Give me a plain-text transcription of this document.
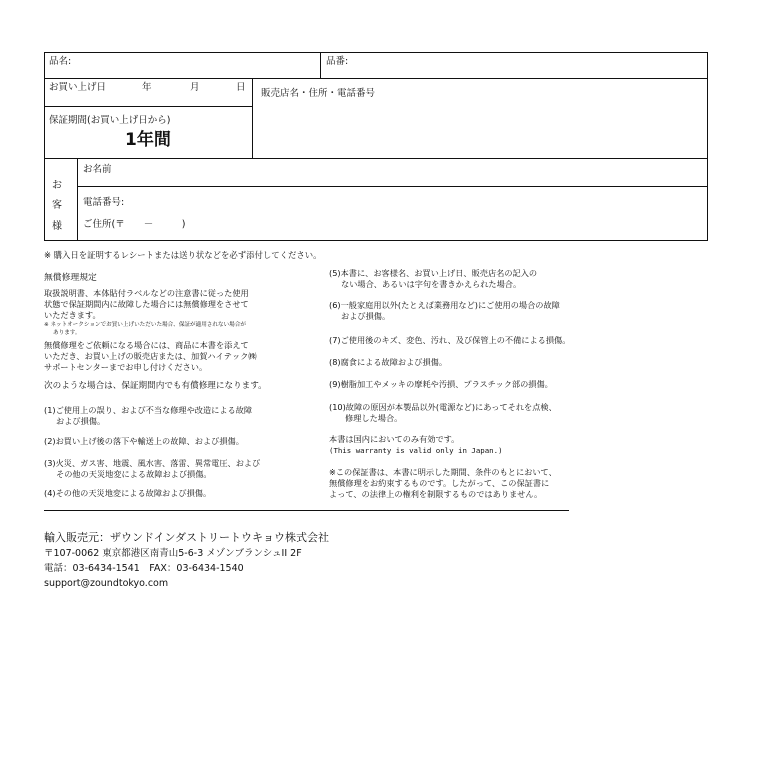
品名:	品番:
お買い上げ日	年	月	日
販売店名・住所・電話番号
保証期間(お買い上げ日から)
1年間
お
客
様
お名前
電話番号:
ご住所(〒　　－　　　)
※ 購入日を証明するレシートまたは送り状などを必ず添付してください。
無償修理規定

取扱説明書、本体貼付ラベルなどの注意書に従った使用

状態で保証期間内に故障した場合には無償修理をさせて

いただきます。

※ ネットオークションでお買い上げいただいた場合、保証が適用されない場合が

あります。

無償修理をご依頼になる場合には、商品に本書を添えて

いただき、お買い上げの販売店または、加賀ハイテック㈱

サポートセンターまでお申し付けください。

次のような場合は、保証期間内でも有償修理になります。

(1)ご使用上の誤り、および不当な修理や改造による故障

および損傷。

(2)お買い上げ後の落下や輸送上の故障、および損傷。

(3)火災、ガス害、地震、風水害、落雷、異常電圧、および

その他の天災地変による故障および損傷。

(4)その他の天災地変による故障および損傷。

(5)本書に、お客様名、お買い上げ日、販売店名の記入の

ない場合、あるいは字句を書きかえられた場合。

(6)一般家庭用以外(たとえば業務用など)にご使用の場合の故障

および損傷。

(7)ご使用後のキズ、変色、汚れ、及び保管上の不備による損傷。
(8)腐食による故障および損傷。
(9)樹脂加工やメッキの摩耗や汚損、プラスチック部の損傷。

(10)故障の原因が本製品以外(電源など)にあってそれを点検、

修理した場合。

本書は国内においてのみ有効です。

(This warranty is valid only in Japan.)

※この保証書は、本書に明示した期間、条件のもとにおいて、

無償修理をお約束するものです。したがって、この保証書に

よって、の法律上の権利を制限するものではありません。

輸入販売元：ザウンドインダストリートウキョウ株式会社

〒107-0062 東京都港区南青山5-6-3 メゾンブランシュII 2F

電話：03-6434-1541　FAX：03-6434-1540

support@zoundtokyo.com
